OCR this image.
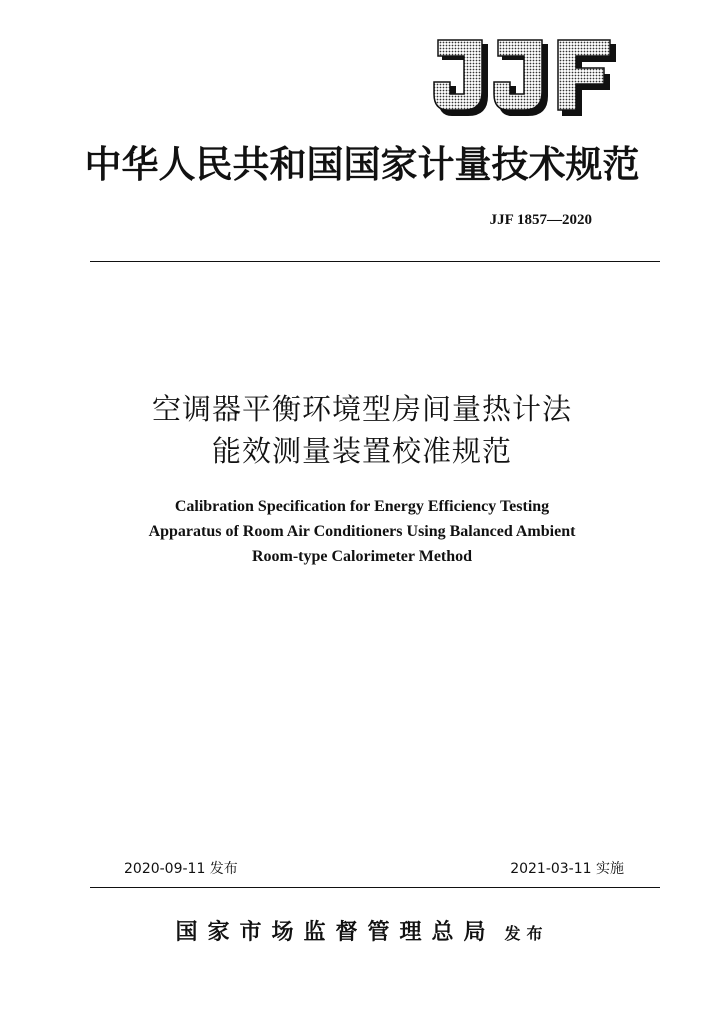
中华人民共和国国家计量技术规范
JJF 1857—2020
空调器平衡环境型房间量热计法
能效测量装置校准规范
Calibration Specification for Energy Efficiency Testing
Apparatus of Room Air Conditioners Using Balanced Ambient
Room-type Calorimeter Method
2020-09-11 发布	2021-03-11 实施
国家市场监督管理总局 发布
